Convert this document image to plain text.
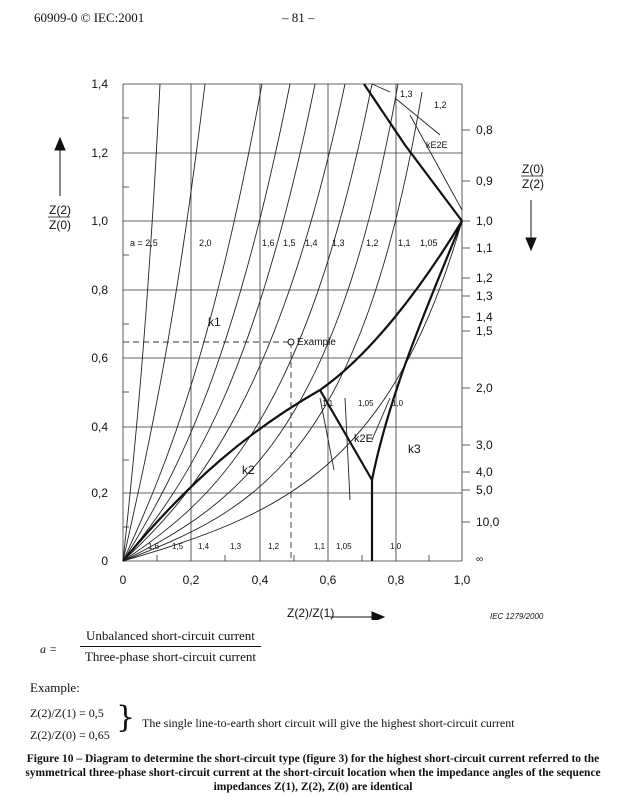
60909-0 © IEC:2001	– 81 –
1,4
1,2
1,0
0,8
0,6
0,4
0,2
0
0	0,2	0,4	0,6	0,8	1,0
0,8
0,9
1,0
1,1
1,2
1,3
1,4
1,5
2,0
3,0
4,0
5,0
10,0
∞
a = 2,5	2,0	1,6 1,5 1,4 1,3 1,2 1,1 1,05
1,6 1,5 1,4	1,3	1,2	1,1 1,05	1,0
1,3
1,2
1,1	1,05 1,0
k1
k2
k3
k2E
kE2E
Example
Z(2)
Z(0)
Z(0)
Z(2)
Z(2)/Z(1)	IEC 1279/2000
a =
Unbalanced short-circuit current
Three-phase short-circuit current
Example:
Z(2)/Z(1) = 0,5
Z(2)/Z(0) = 0,65 } The single line-to-earth short circuit will give the highest short-circuit current
Figure 10 – Diagram to determine the short-circuit type (figure 3) for the highest short-circuit current referred to the symmetrical three-phase short-circuit current at the short-circuit location when the impedance angles of the sequence impedances Z(1), Z(2), Z(0) are identical
